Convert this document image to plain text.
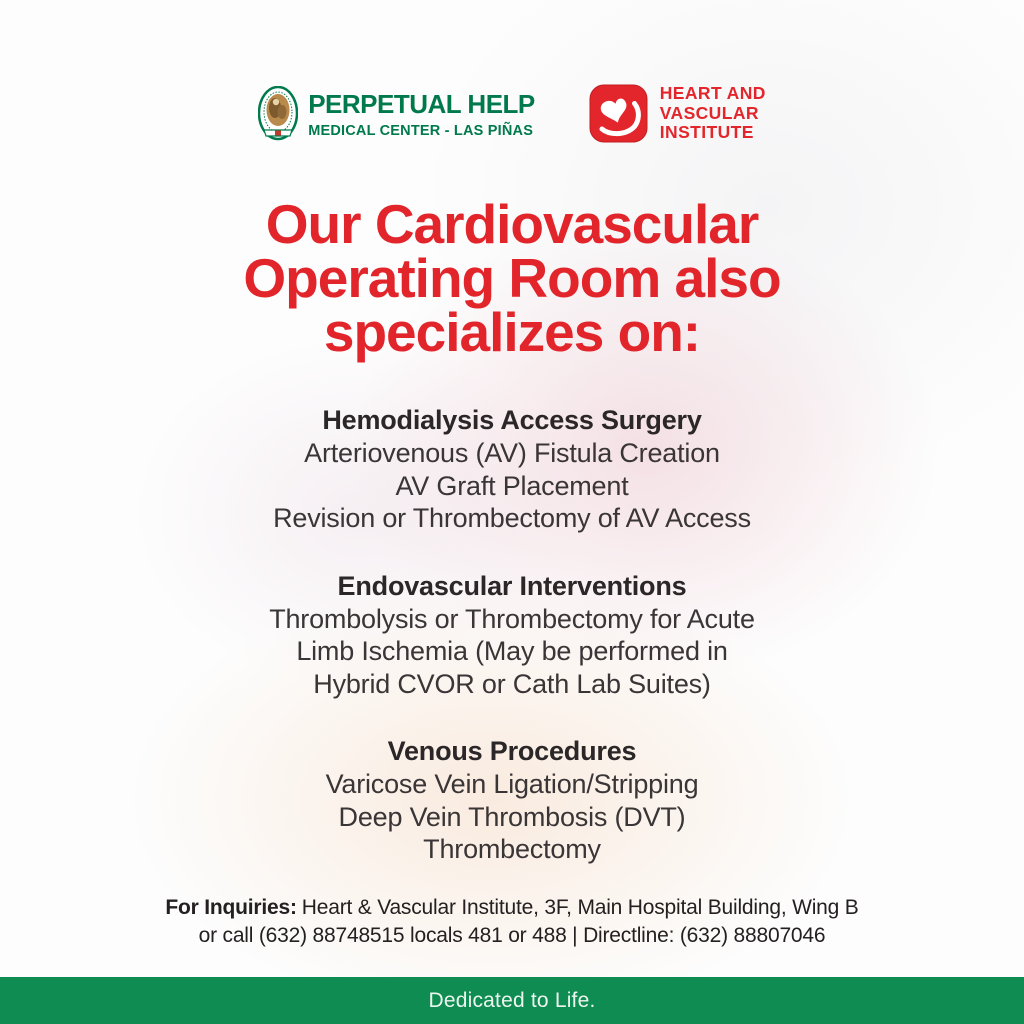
PERPETUAL HELP
MEDICAL CENTER - LAS PIÑAS
HEART AND
VASCULAR
INSTITUTE
Our Cardiovascular
Operating Room also
specializes on:
Hemodialysis Access Surgery
Arteriovenous (AV) Fistula Creation
AV Graft Placement
Revision or Thrombectomy of AV Access
Endovascular Interventions
Thrombolysis or Thrombectomy for Acute
Limb Ischemia (May be performed in
Hybrid CVOR or Cath Lab Suites)
Venous Procedures
Varicose Vein Ligation/Stripping
Deep Vein Thrombosis (DVT)
Thrombectomy
For Inquiries: Heart & Vascular Institute, 3F, Main Hospital Building, Wing B
or call (632) 88748515 locals 481 or 488 | Directline: (632) 88807046
Dedicated to Life.
